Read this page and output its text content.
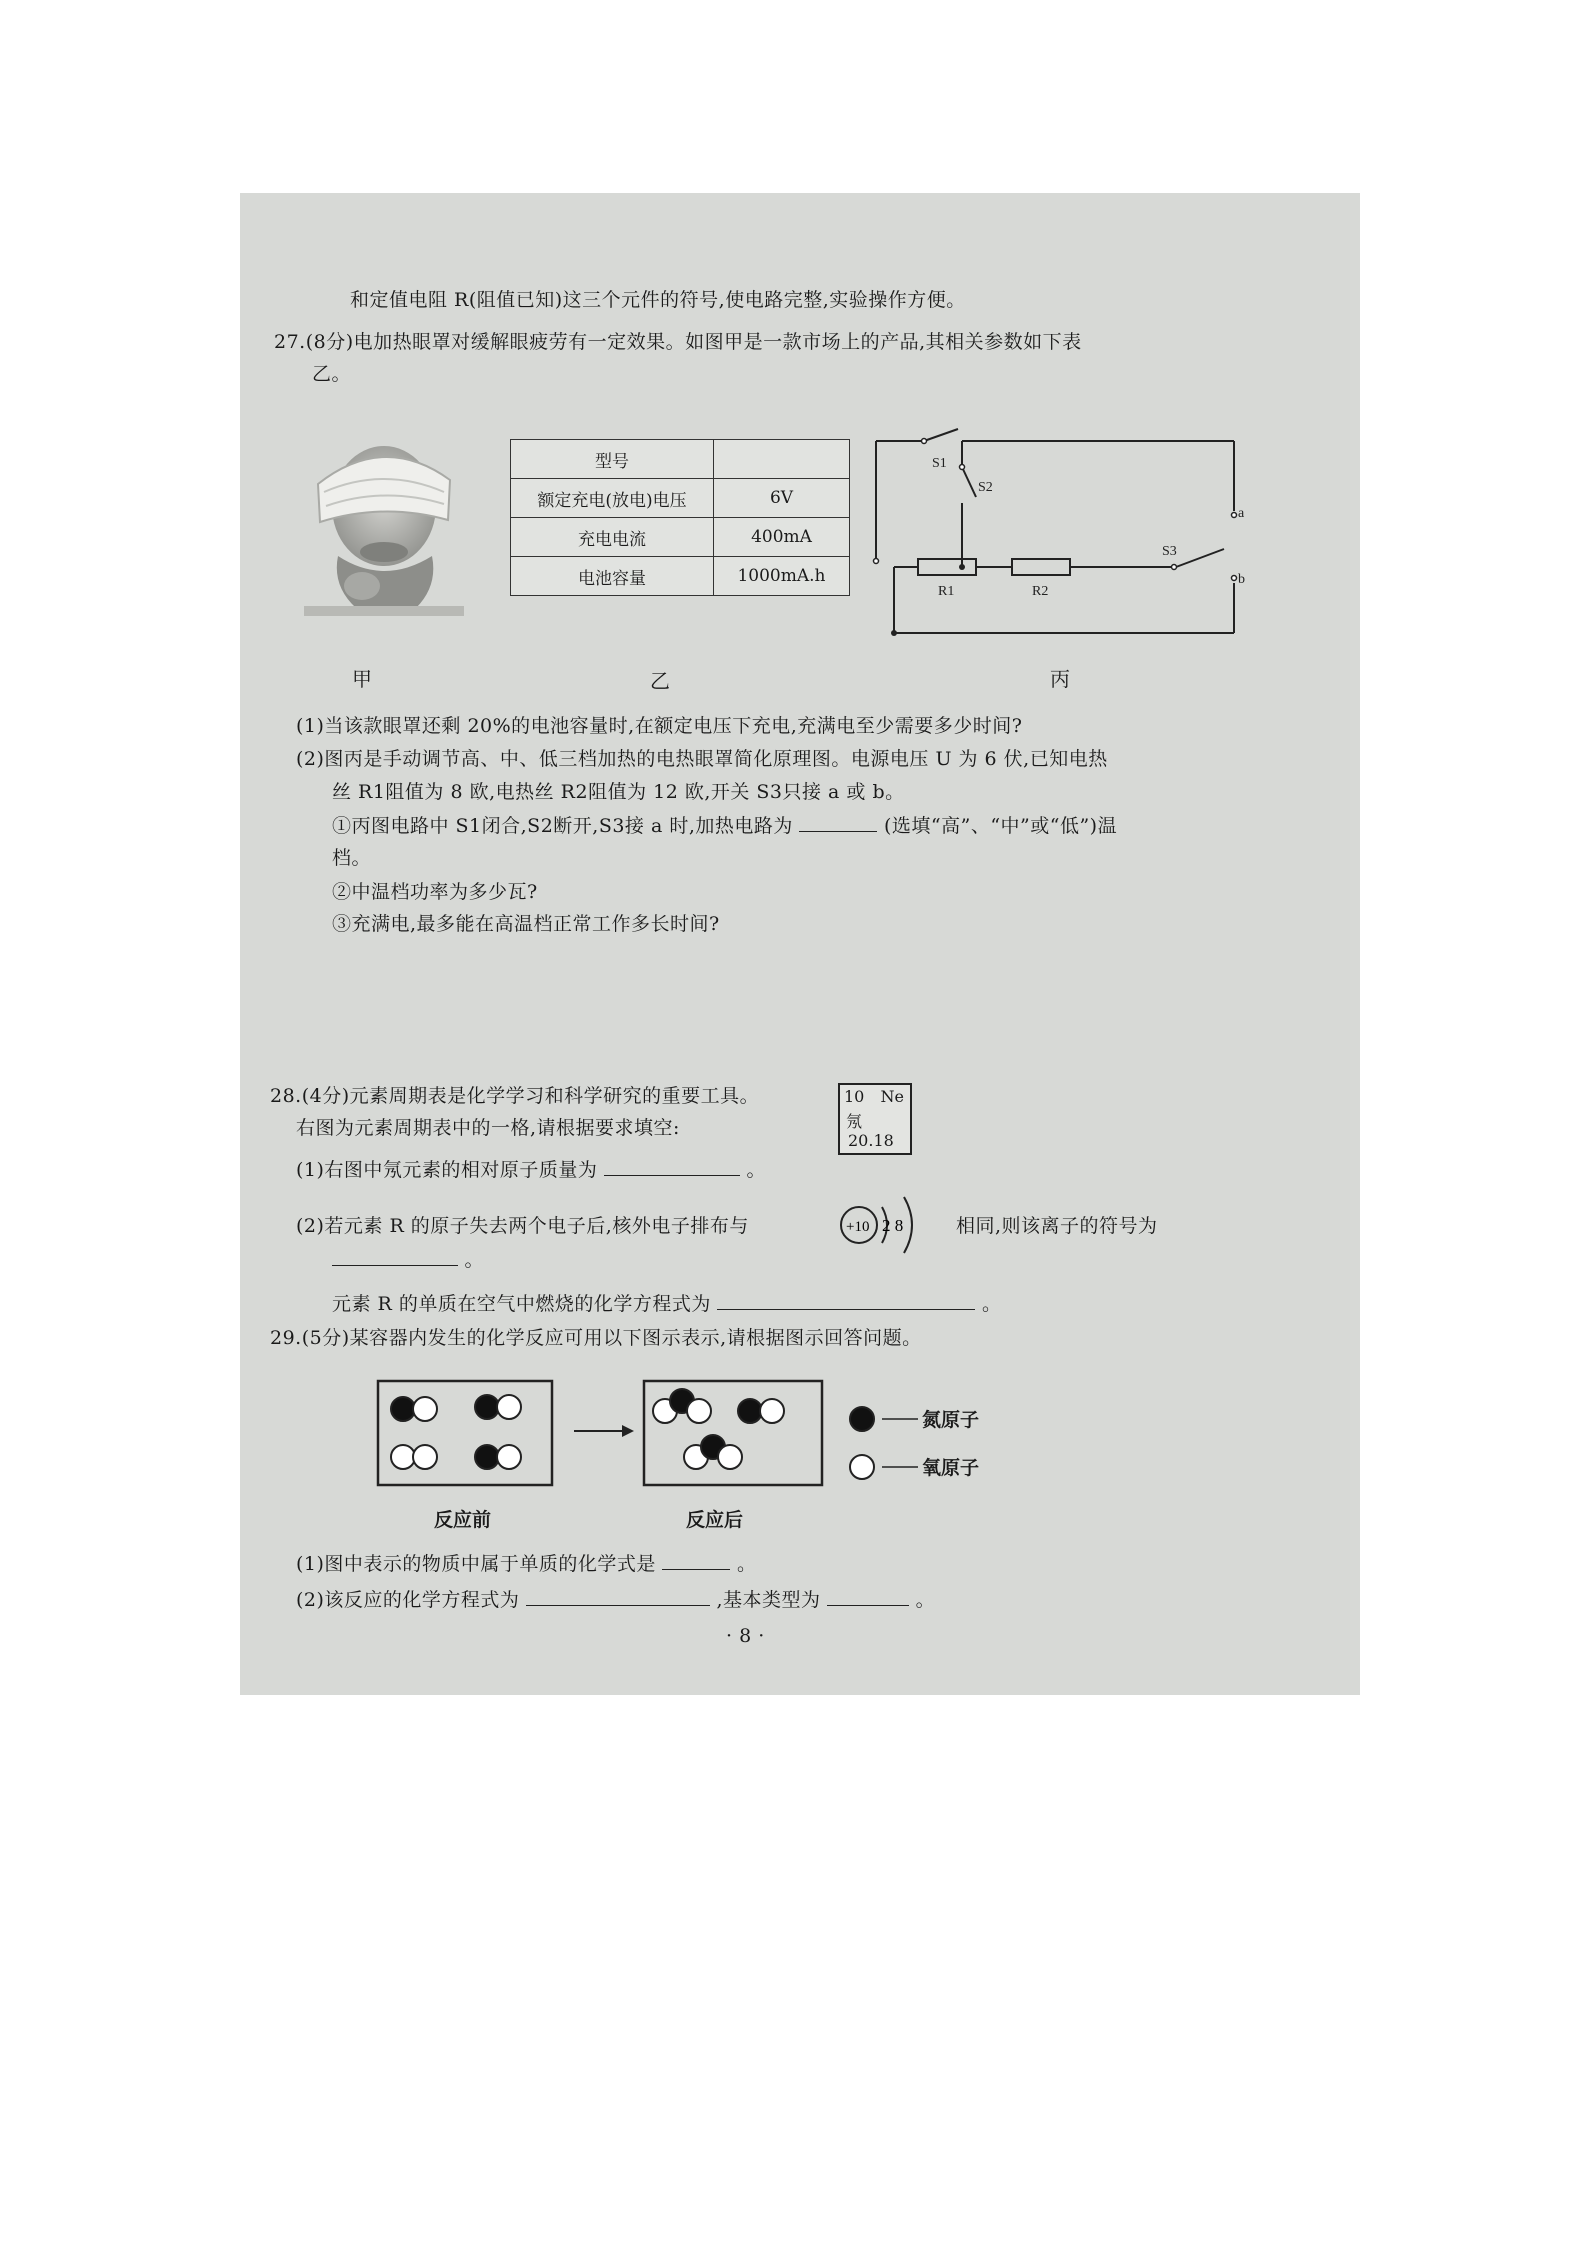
和定值电阻 R(阻值已知)这三个元件的符号,使电路完整,实验操作方便。
27.(8分)电加热眼罩对缓解眼疲劳有一定效果。如图甲是一款市场上的产品,其相关参数如下表
乙。
型号	
额定充电(放电)电压	6V
充电电流	400mA
电池容量	1000mA.h
S1
S2
S3
R1	R2
a
b
甲	乙	丙
(1)当该款眼罩还剩 20%的电池容量时,在额定电压下充电,充满电至少需要多少时间?
(2)图丙是手动调节高、中、低三档加热的电热眼罩简化原理图。电源电压 U 为 6 伏,已知电热
丝 R1阻值为 8 欧,电热丝 R2阻值为 12 欧,开关 S3只接 a 或 b。
①丙图电路中 S1闭合,S2断开,S3接 a 时,加热电路为	(选填“高”、“中”或“低”)温
档。
②中温档功率为多少瓦?
③充满电,最多能在高温档正常工作多长时间?
28.(4分)元素周期表是化学学习和科学研究的重要工具。
右图为元素周期表中的一格,请根据要求填空:
10 Ne
氖
20.18
(1)右图中氖元素的相对原子质量为	。
(2)若元素 R 的原子失去两个电子后,核外电子排布与	+10 2 8	相同,则该离子的符号为
。
元素 R 的单质在空气中燃烧的化学方程式为	。
29.(5分)某容器内发生的化学反应可用以下图示表示,请根据图示回答问题。
氮原子
氧原子
反应前	反应后
(1)图中表示的物质中属于单质的化学式是	。
(2)该反应的化学方程式为	,基本类型为	。
· 8 ·
